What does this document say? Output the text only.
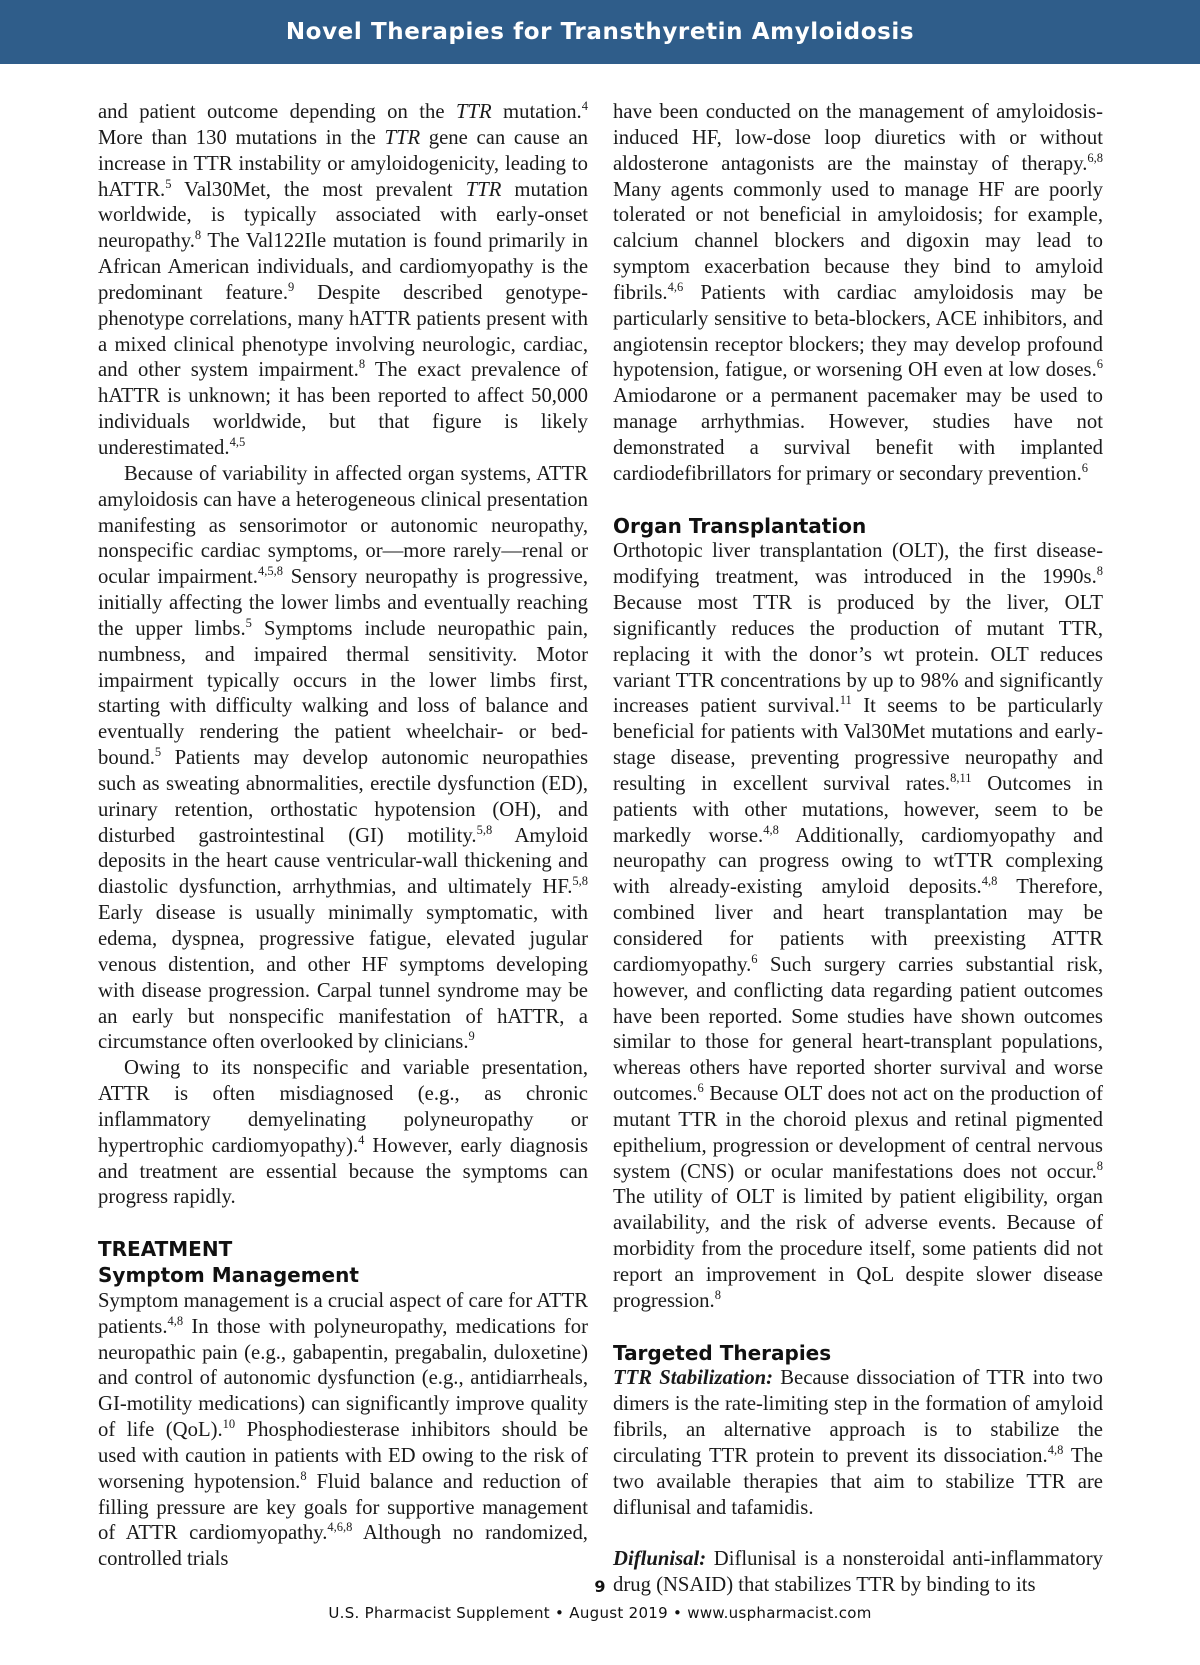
Novel Therapies for Transthyretin Amyloidosis

and patient outcome depending on the TTR mutation.$^4$ More than 130 mutations in the TTR gene can cause an increase in TTR instability or amyloidogenicity, leading to hATTR.$^5$ Val30Met, the most prevalent TTR mutation worldwide, is typically associated with early-onset neuropathy.$^8$ The Val122Ile mutation is found primarily in African American individuals, and cardiomyopathy is the predominant feature.$^9$ Despite described genotype-phenotype correlations, many hATTR patients present with a mixed clinical phenotype involving neurologic, cardiac, and other system impairment.$^8$ The exact prevalence of hATTR is unknown; it has been reported to affect 50,000 individuals worldwide, but that figure is likely underestimated.$^{4,5}$

Because of variability in affected organ systems, ATTR amyloidosis can have a heterogeneous clinical presentation manifesting as sensorimotor or autonomic neuropathy, nonspecific cardiac symptoms, or—more rarely—renal or ocular impairment.$^{4,5,8}$ Sensory neuropathy is progressive, initially affecting the lower limbs and eventually reaching the upper limbs.$^5$ Symptoms include neuropathic pain, numbness, and impaired thermal sensitivity. Motor impairment typically occurs in the lower limbs first, starting with difficulty walking and loss of balance and eventually rendering the patient wheelchair- or bed-bound.$^5$ Patients may develop autonomic neuropathies such as sweating abnormalities, erectile dysfunction (ED), urinary retention, orthostatic hypotension (OH), and disturbed gastrointestinal (GI) motility.$^{5,8}$ Amyloid deposits in the heart cause ventricular-wall thickening and diastolic dysfunction, arrhythmias, and ultimately HF.$^{5,8}$ Early disease is usually minimally symptomatic, with edema, dyspnea, progressive fatigue, elevated jugular venous distention, and other HF symptoms developing with disease progression. Carpal tunnel syndrome may be an early but nonspecific manifestation of hATTR, a circumstance often overlooked by clinicians.$^9$

Owing to its nonspecific and variable presentation, ATTR is often misdiagnosed (e.g., as chronic inflammatory demyelinating polyneuropathy or hypertrophic cardiomyopathy).$^4$ However, early diagnosis and treatment are essential because the symptoms can progress rapidly.

TREATMENT
Symptom Management

Symptom management is a crucial aspect of care for ATTR patients.$^{4,8}$ In those with polyneuropathy, medications for neuropathic pain (e.g., gabapentin, pregabalin, duloxetine) and control of autonomic dysfunction (e.g., antidiarrheals, GI-motility medications) can significantly improve quality of life (QoL).$^{10}$ Phosphodiesterase inhibitors should be used with caution in patients with ED owing to the risk of worsening hypotension.$^8$ Fluid balance and reduction of filling pressure are key goals for supportive management of ATTR cardiomyopathy.$^{4,6,8}$ Although no randomized, controlled trials

have been conducted on the management of amyloidosis-induced HF, low-dose loop diuretics with or without aldosterone antagonists are the mainstay of therapy.$^{6,8}$ Many agents commonly used to manage HF are poorly tolerated or not beneficial in amyloidosis; for example, calcium channel blockers and digoxin may lead to symptom exacerbation because they bind to amyloid fibrils.$^{4,6}$ Patients with cardiac amyloidosis may be particularly sensitive to beta-blockers, ACE inhibitors, and angiotensin receptor blockers; they may develop profound hypotension, fatigue, or worsening OH even at low doses.$^6$ Amiodarone or a permanent pacemaker may be used to manage arrhythmias. However, studies have not demonstrated a survival benefit with implanted cardiodefibrillators for primary or secondary prevention.$^6$

Organ Transplantation

Orthotopic liver transplantation (OLT), the first disease-modifying treatment, was introduced in the 1990s.$^8$ Because most TTR is produced by the liver, OLT significantly reduces the production of mutant TTR, replacing it with the donor’s wt protein. OLT reduces variant TTR concentrations by up to 98% and significantly increases patient survival.$^{11}$ It seems to be particularly beneficial for patients with Val30Met mutations and early-stage disease, preventing progressive neuropathy and resulting in excellent survival rates.$^{8,11}$ Outcomes in patients with other mutations, however, seem to be markedly worse.$^{4,8}$ Additionally, cardiomyopathy and neuropathy can progress owing to wtTTR complexing with already-existing amyloid deposits.$^{4,8}$ Therefore, combined liver and heart transplantation may be considered for patients with preexisting ATTR cardiomyopathy.$^6$ Such surgery carries substantial risk, however, and conflicting data regarding patient outcomes have been reported. Some studies have shown outcomes similar to those for general heart-transplant populations, whereas others have reported shorter survival and worse outcomes.$^6$ Because OLT does not act on the production of mutant TTR in the choroid plexus and retinal pigmented epithelium, progression or development of central nervous system (CNS) or ocular manifestations does not occur.$^8$ The utility of OLT is limited by patient eligibility, organ availability, and the risk of adverse events. Because of morbidity from the procedure itself, some patients did not report an improvement in QoL despite slower disease progression.$^8$

Targeted Therapies

TTR Stabilization: Because dissociation of TTR into two dimers is the rate-limiting step in the formation of amyloid fibrils, an alternative approach is to stabilize the circulating TTR protein to prevent its dissociation.$^{4,8}$ The two available therapies that aim to stabilize TTR are diflunisal and tafamidis.

Diflunisal: Diflunisal is a nonsteroidal anti-inflammatory drug (NSAID) that stabilizes TTR by binding to its

9
U.S. Pharmacist Supplement • August 2019 • www.uspharmacist.com
